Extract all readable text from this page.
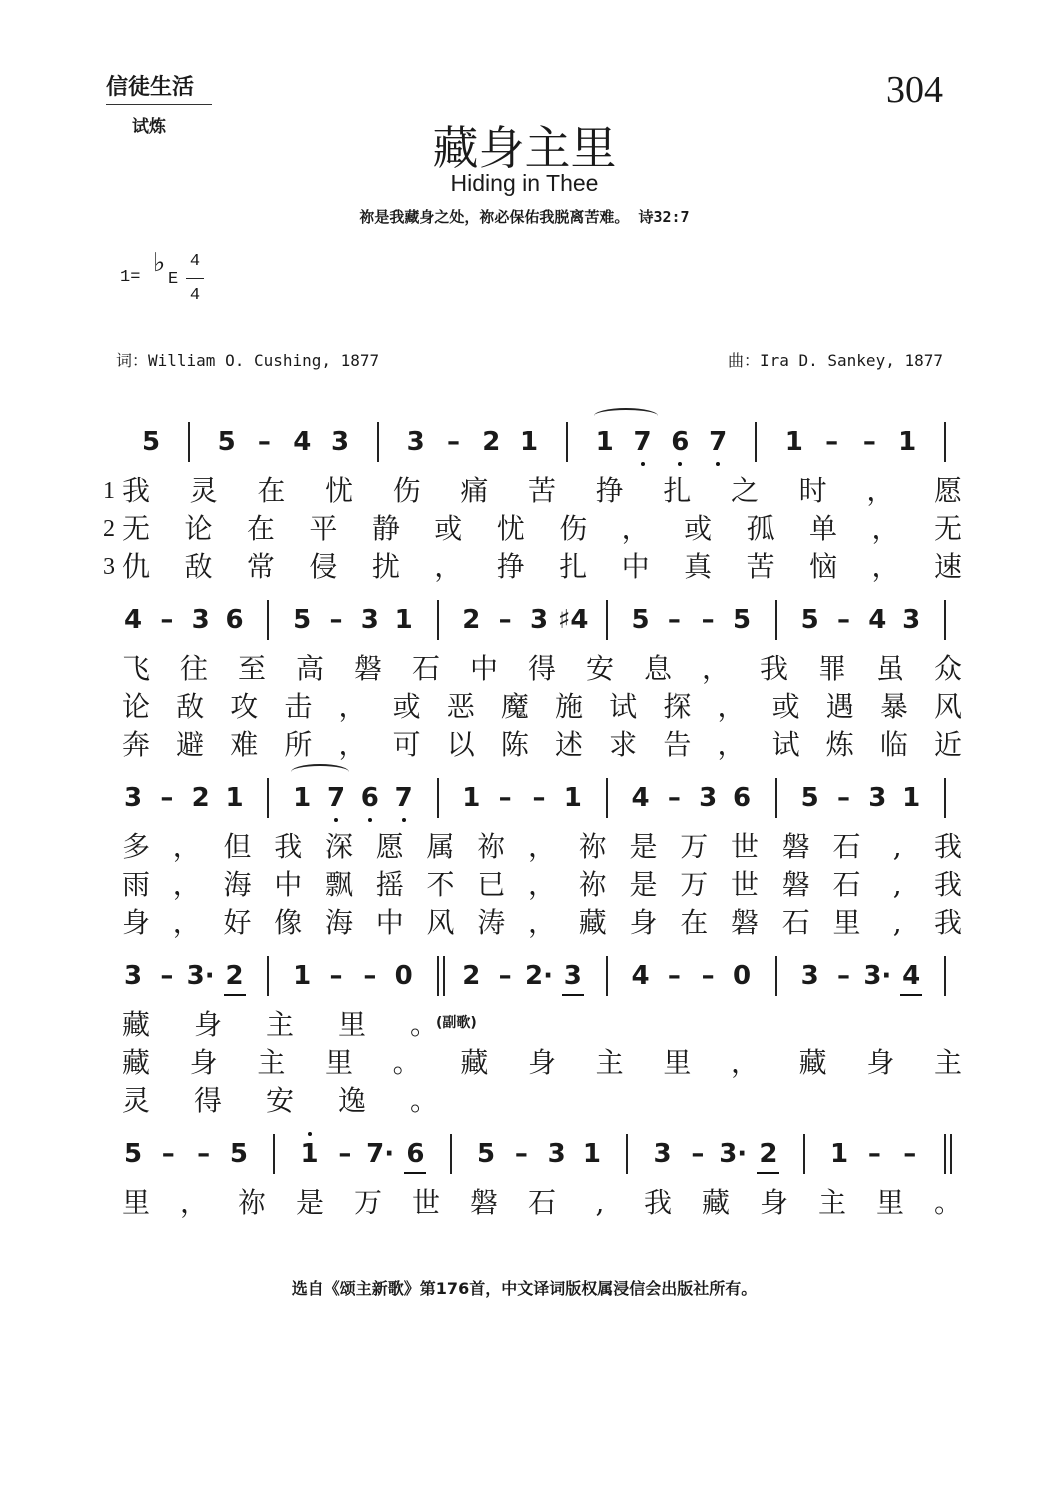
信徒生活
试炼
304
藏身主里
Hiding in Thee
祢是我藏身之处，祢必保佑我脱离苦难。 诗32:7
1= ♭
E
4
4
词：William O. Cushing, 1877	曲：Ira D. Sankey, 1877
5 5 – 4 3 3 – 2 1 1 7 6 7 1 – – 1
1 我 灵 在 忧 伤 痛 苦 挣 扎 之 时 ， 愿
2 无 论 在 平 静 或 忧 伤 ， 或 孤 单 ， 无
3 仇 敌 常 侵 扰 ， 挣 扎 中 真 苦 恼 ， 速
4 – 3 6 5 – 3 1 2 – 3 ♯4 5 – – 5 5 – 4 3
飞 往 至 高 磐 石 中 得 安 息 ， 我 罪 虽 众
论 敌 攻 击 ， 或 恶 魔 施 试 探 ， 或 遇 暴 风
奔 避 难 所 ， 可 以 陈 述 求 告 ， 试 炼 临 近
3 – 2 1 1 7 6 7 1 – – 1 4 – 3 6 5 – 3 1
多 ， 但 我 深 愿 属 祢 ， 祢 是 万 世 磐 石	,	我
雨 ， 海 中 飘 摇 不 已 ， 祢 是 万 世 磐 石	,	我
身 ， 好 像 海 中 风 涛 ， 藏 身 在 磐 石 里	,	我
3 – 3· 2 1 – – 0 2 – 2· 3 4 – – 0 3 – 3· 4
藏 身 主 里 。
藏 身 主 里 。 藏 身 主 里 ， 藏 身 主
灵 得 安 逸 。
(副歌)
5 – – 5 1 – 7· 6 5 – 3 1 3 – 3· 2 1 – –
里 ， 祢 是 万 世 磐 石	,	我 藏 身 主 里 。
选自《颂主新歌》第176首，中文译词版权属浸信会出版社所有。
